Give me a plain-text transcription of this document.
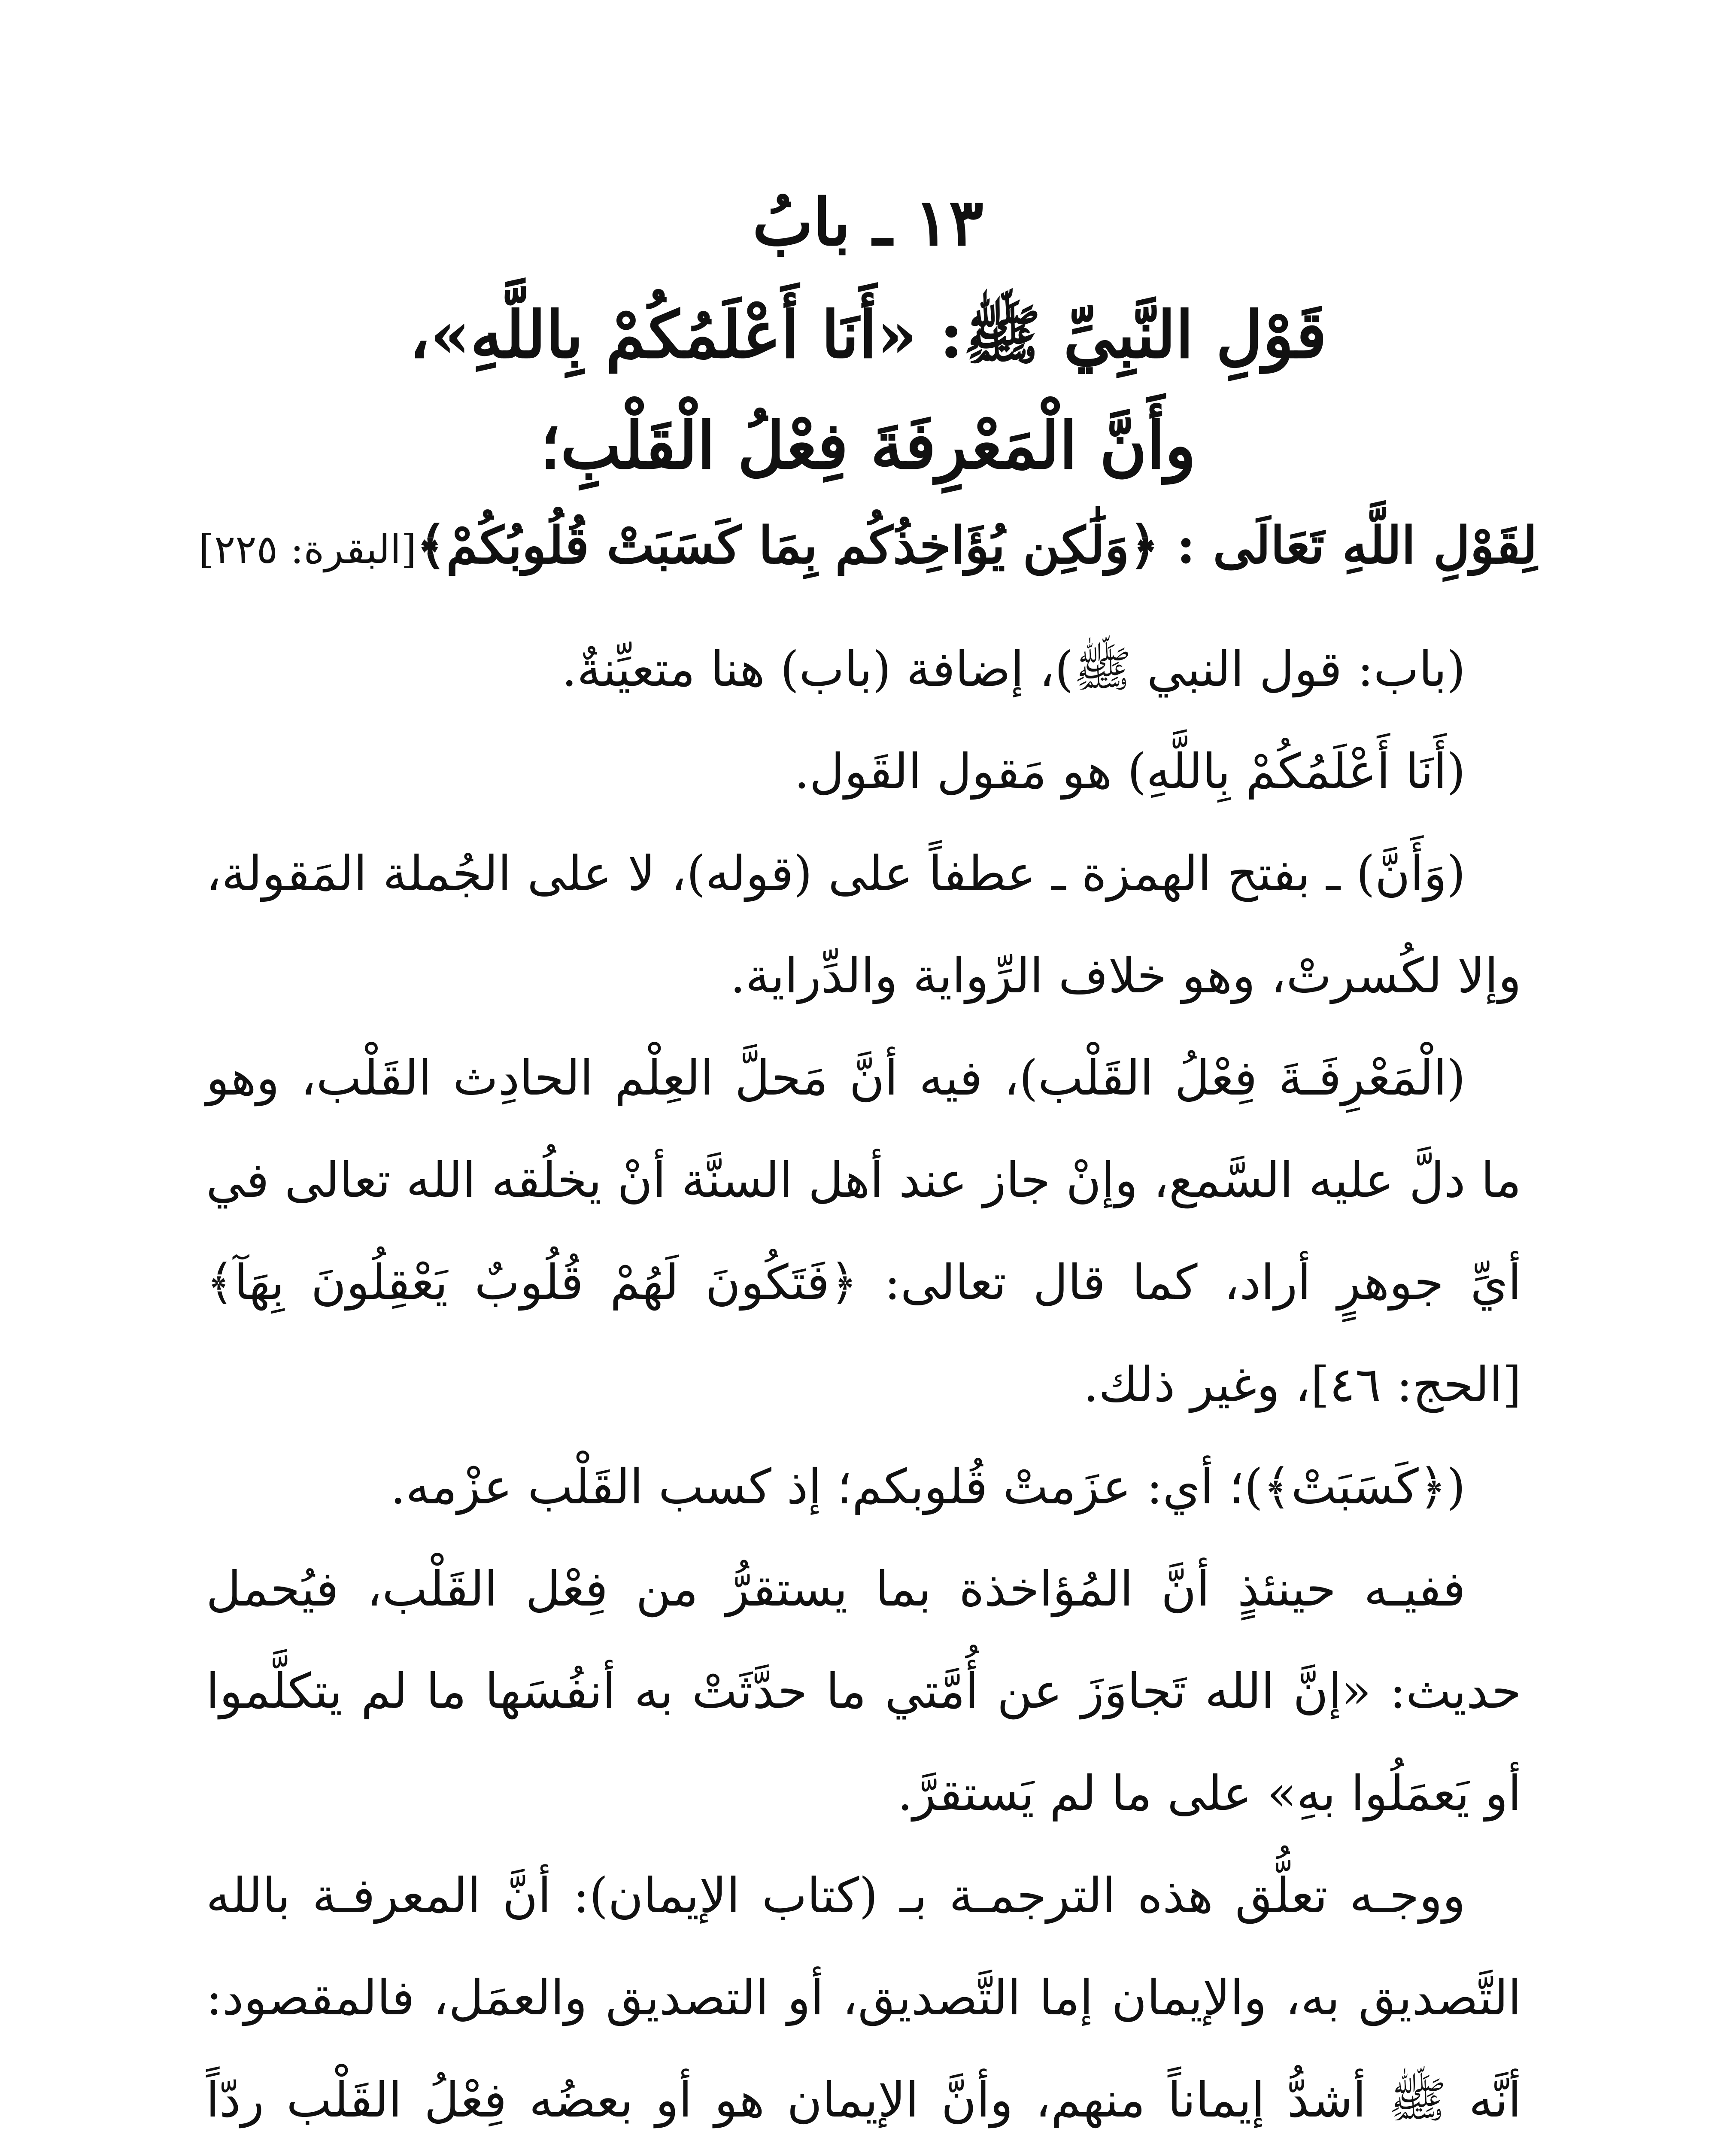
١٣ ـ بابُ
قَوْلِ النَّبِيِّ ﷺ: «أَنَا أَعْلَمُكُمْ بِاللَّهِ»،
وأَنَّ الْمَعْرِفَةَ فِعْلُ الْقَلْبِ؛
لِقَوْلِ اللَّهِ تَعَالَى : ﴿وَلَٰكِن يُؤَاخِذُكُم بِمَا كَسَبَتْ قُلُوبُكُمْ﴾[البقرة: ٢٢٥]

(باب: قول النبي ﷺ)، إضافة (باب) هنا متعيِّنةٌ.

(أَنَا أَعْلَمُكُمْ بِاللَّهِ) هو مَقول القَول.

(وَأَنَّ) ـ بفتح الهمزة ـ عطفاً على (قوله)، لا على الجُملة المَقولة، وإلا لكُسرتْ، وهو خلاف الرِّواية والدِّراية.

(الْمَعْرِفَـةَ فِعْلُ القَلْب)، فيه أنَّ مَحلَّ العِلْم الحادِث القَلْب، وهو ما دلَّ عليه السَّمع، وإنْ جاز عند أهل السنَّة أنْ يخلُقه الله تعالى في أيِّ جوهرٍ أراد، كما قال تعالى: ﴿فَتَكُونَ لَهُمْ قُلُوبٌ يَعْقِلُونَ بِهَآ﴾[الحج: ٤٦]، وغير ذلك.

(﴿كَسَبَتْ﴾)؛ أي: عزَمتْ قُلوبكم؛ إذ كسب القَلْب عزْمه.

ففيـه حينئذٍ أنَّ المُؤاخذة بما يستقرُّ من فِعْل القَلْب، فيُحمل حديث: «إنَّ الله تَجاوَزَ عن أُمَّتي ما حدَّثَتْ به أنفُسَها ما لم يتكلَّموا أو يَعمَلُوا بهِ» على ما لم يَستقرَّ.

ووجـه تعلُّق هذه الترجمـة بـ (كتاب الإيمان): أنَّ المعرفـة بالله التَّصديق به، والإيمان إما التَّصديق، أو التصديق والعمَل، فالمقصود: أنَّه ﷺ أشدُّ إيماناً منهم، وأنَّ الإيمان هو أو بعضُه فِعْلُ القَلْب ردّاً
